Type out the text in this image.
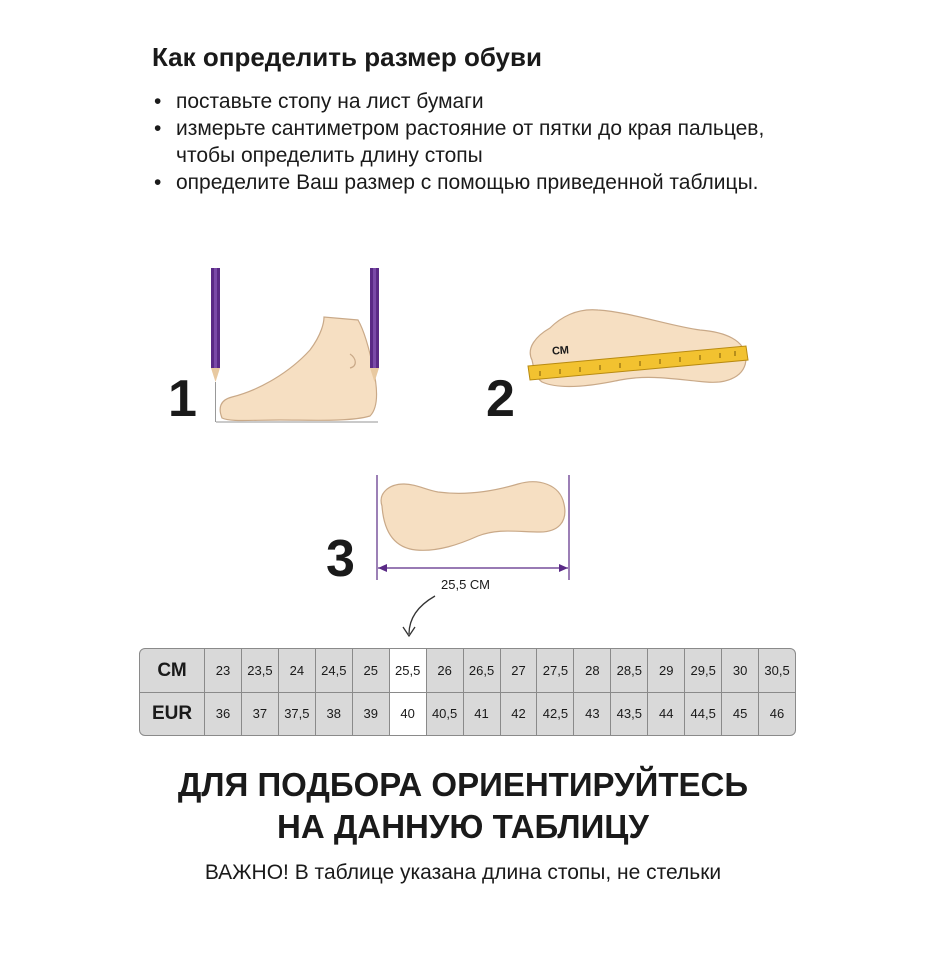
Как определить размер обуви
• поставьте стопу на лист бумаги
• измерьте сантиметром растояние от пятки до края пальцев, чтобы определить длину стопы
• определите Ваш размер с помощью приведенной таблицы.
1	2
СМ
3	25,5 СМ
СМ	23	23,5	24	24,5	25	25,5	26	26,5	27	27,5	28	28,5	29	29,5	30	30,5
EUR	36	37	37,5	38	39	40	40,5	41	42	42,5	43	43,5	44	44,5	45	46
ДЛЯ ПОДБОРА ОРИЕНТИРУЙТЕСЬ
НА ДАННУЮ ТАБЛИЦУ

ВАЖНО! В таблице указана длина стопы, не стельки
